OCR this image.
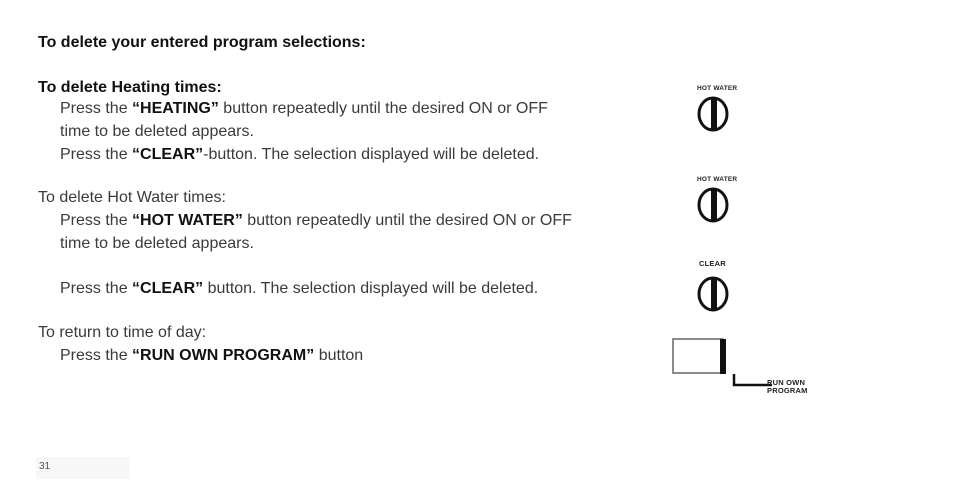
To delete your entered program selections:
To delete Heating times:
Press the “HEATING” button repeatedly until the desired ON or OFF
time to be deleted appears.
Press the “CLEAR”-button. The selection displayed will be deleted.
To delete Hot Water times:
Press the “HOT WATER” button repeatedly until the desired ON or OFF
time to be deleted appears.
Press the “CLEAR” button. The selection displayed will be deleted.
To return to time of day:
Press the “RUN OWN PROGRAM” button
HOT WATER
HOT WATER
CLEAR
RUN OWN
PROGRAM
31
